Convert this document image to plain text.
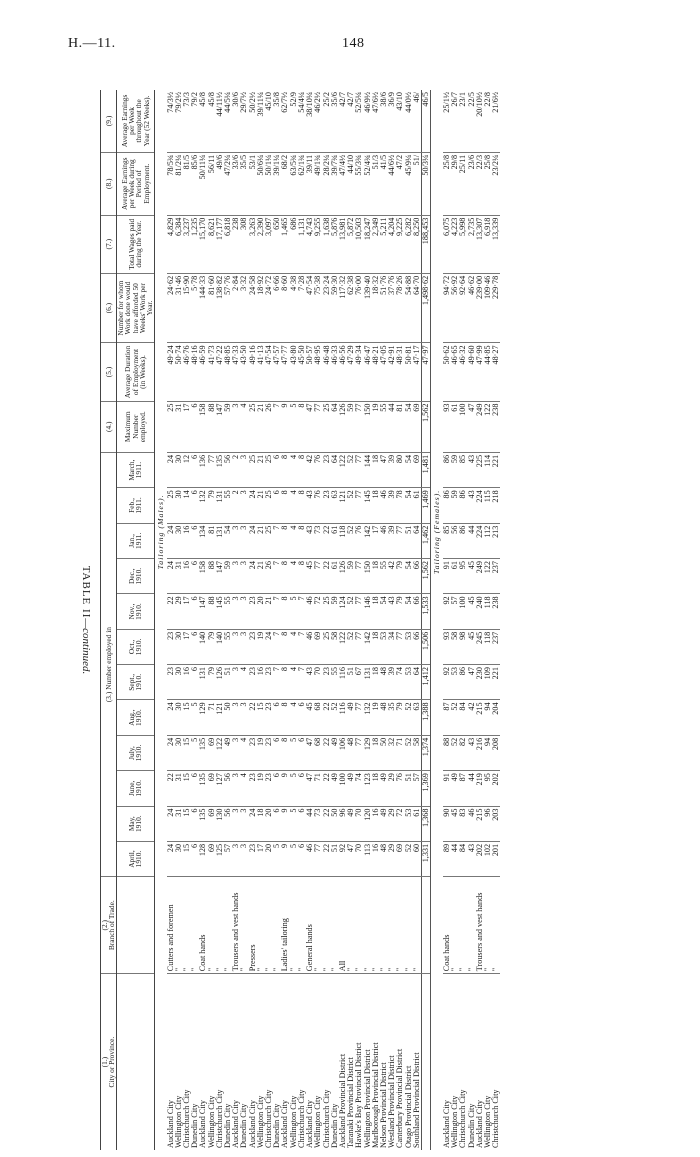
H.—11.	148
(1.)
City or Province.	(2.)
Branch of Trade.	(3.) Number employed in												(4.)	(5.)	(6.)	(7.)	(8.)	(9.)
		April, 1910.	May, 1910.	June, 1910.	July, 1910.	Aug., 1910.	Sept., 1910.	Oct., 1910.	Nov., 1910.	Dec., 1910.	Jan., 1911.	Feb., 1911.	March, 1911.	Maximum Number employed.	Average Duration of Employment (in Weeks).	Number for whom Work done would have afforded 50 Weeks' Work per Year.	Total Wages paid during the Year.	Average Earnings per Week during Period of Employment.	Average Earnings per Week throughout the Year (52 Weeks).
	Tailoring (Males).																		
Auckland City	Cutters and foremen	24	24	22	24	24	23	23	22	24	24	25	24	25	49·24	24·62	4,829	78/5¾	74/3½
Wellington City	"	30	31	31	30	30	30	30	29	31	30	30	30	31	50·74	31·46	6,384	81/2¼	79/2½
Christchurch City	"	15	15	15	15	15	16	17	17	16	16	14	12	17	46·76	15·90	3,237	81/5	73/3
Dunedin City	"	6	6	6	5	5	6	6	6	6	6	6	6	6	48·16	5·78	1,235	85/6	79/2
Auckland City	Coat hands	128	135	135	135	129	131	140	147	158	134	132	136	158	46·59	144·33	15,170	50/11¼	45/8
Wellington City	"	69	69	69	69	71	79	79	88	88	81	79	77	88	41·73	81·60	8,621	56/11	45/8
Christchurch City	"	125	130	127	122	121	126	140	145	147	131	131	135	147	47·22	138·82	17,177	49/6	44/11½
Dunedin City	"	57	56	56	49	50	51	55	55	59	54	55	56	59	48·85	57·76	6,818	47/2¼	44/5¼
Auckland City	Trousers and vest hands	3	3	3	3	3	3	3	3	3	3	2	2	3	47·33	2·84	238	33/6	30/6
Dunedin City	"	3	3	4	4	3	4	3	3	3	3	3	3	4	43·50	3·32	308	35/5	29/7½
Auckland City	Pressers	23	24	23	23	22	23	23	23	24	24	24	25	25	49·16	24·58	3,263	53/1	50/2½
Wellington City	"	17	18	19	19	15	16	19	20	21	21	21	21	21	41·13	18·92	2,390	50/6¼	39/11¼
Christchurch City	"	20	20	23	23	23	23	24	21	26	25	25	25	26	47·54	24·72	3,097	50/1¼	45/10
Dunedin City	"	5	6	6	6	6	7	7	7	7	7	6	6	7	47·57	6·66	650	39/1¼	35/8
Auckland City	Ladies' tailoring	9	9	9	8	8	8	8	8	8	8	8	8	9	47·77	8·60	1,465	68/2	62/7½
Wellington City	"	5	5	5	5	4	4	4	5	4	4	4	4	5	43·80	4·38	686	63/5¾	52/9
Christchurch City	"	6	6	6	6	6	7	7	7	8	8	8	8	8	45·50	7·28	1,131	62/1¾	54/4¼
Auckland City	General hands	46	44	47	47	45	43	46	46	45	43	43	42	47	50·57	47·54	4,743	39/11	38/10¼
Wellington City	"	77	73	71	68	68	70	69	72	77	73	76	76	77	48·95	75·38	9,255	49/1¾	46/2½
Christchurch City	"	22	22	22	22	22	23	25	25	22	22	23	23	25	46·48	23·24	1,638	28/2¼	25/2
Dunedin City	"	51	50	49	49	52	55	58	59	61	61	63	64	64	46·33	59·30	5,876	39/7¾	35/6
Auckland Provincial District	All	92	96	100	106	116	116	122	124	126	118	121	122	126	46·56	117·32	13,981	47/4½	42/7
Taranaki Provincial District	"	47	49	49	48	49	51	52	52	59	52	52	52	59	47·29	62·38	5,872	44/10	42/7
Hawke's Bay Provincial District	"	70	70	74	77	77	67	77	77	77	76	77	77	77	49·34	76·00	10,503	55/3¾	52/5¼
Wellington Provincial District	"	113	120	123	129	132	131	142	146	150	142	145	144	150	46·47	139·40	18,247	52/4¾	46/9½
Marlborough Provincial District	"	16	16	18	18	19	18	18	18	18	17	18	18	19	48·21	18·32	2,349	51/3	47/6½
Nelson Provincial District	"	48	49	49	50	48	48	53	54	55	46	46	47	55	47·05	51·76	5,211	41/5	38/6
Westland Provincial District	"	29	29	29	32	35	39	34	43	42	39	39	39	44	42·91	37·76	4,204	44/6½	36/9
Canterbury Provincial District	"	69	72	76	71	79	74	77	79	79	77	78	80	81	48·31	78·26	9,225	47/2	43/10
Otago Provincial District	"	52	53	51	52	52	53	53	54	54	51	54	54	54	50·81	54·88	6,282	45/9¼	44/0½
Southland Provincial District	"	60	61	57	58	63	64	66	66	66	64	61	69	69	47·17	64·70	8,250	51/	46/
		1,331	1,368	1,369	1,374	1,388	1,412	1,506	1,533	1,562	1,462	1,469	1,481	1,562	47·97	1,498·62	188,453	50/3¼	46/5
	Tailoring (Females).																		
Auckland City	Coat hands	89	90	91	88	87	92	93	92	91	85	86	86	93	50·62	94·72	6,075	25/8	25/1½
Wellington City	"	44	45	49	52	52	53	58	57	61	56	59	59	61	46·65	56·92	4,223	29/8	26/7
Christchurch City	"	84	83	87	82	84	86	98	100	95	86	86	85	100	46·32	92·64	5,998	25/11	23/1
Dunedin City	"	43	46	44	43	42	47	45	45	45	44	43	43	47	49·60	46·62	2,735	23/6	22/5
Auckland City	Trousers and vest hands	202	215	219	216	215	230	245	240	249	224	224	225	249	47·99	239·00	13,307	22/3	20/10½
Wellington City	"	102	96	95	94	94	109	118	118	122	112	115	114	122	44·85	109·46	6,918	25/8	22/8
Christchurch City	"	201	203	202	208	204	221	237	238	237	213	218	221	238	48·27	229·78	13,339	23/2¼	21/6½
TABLE II—continued.
